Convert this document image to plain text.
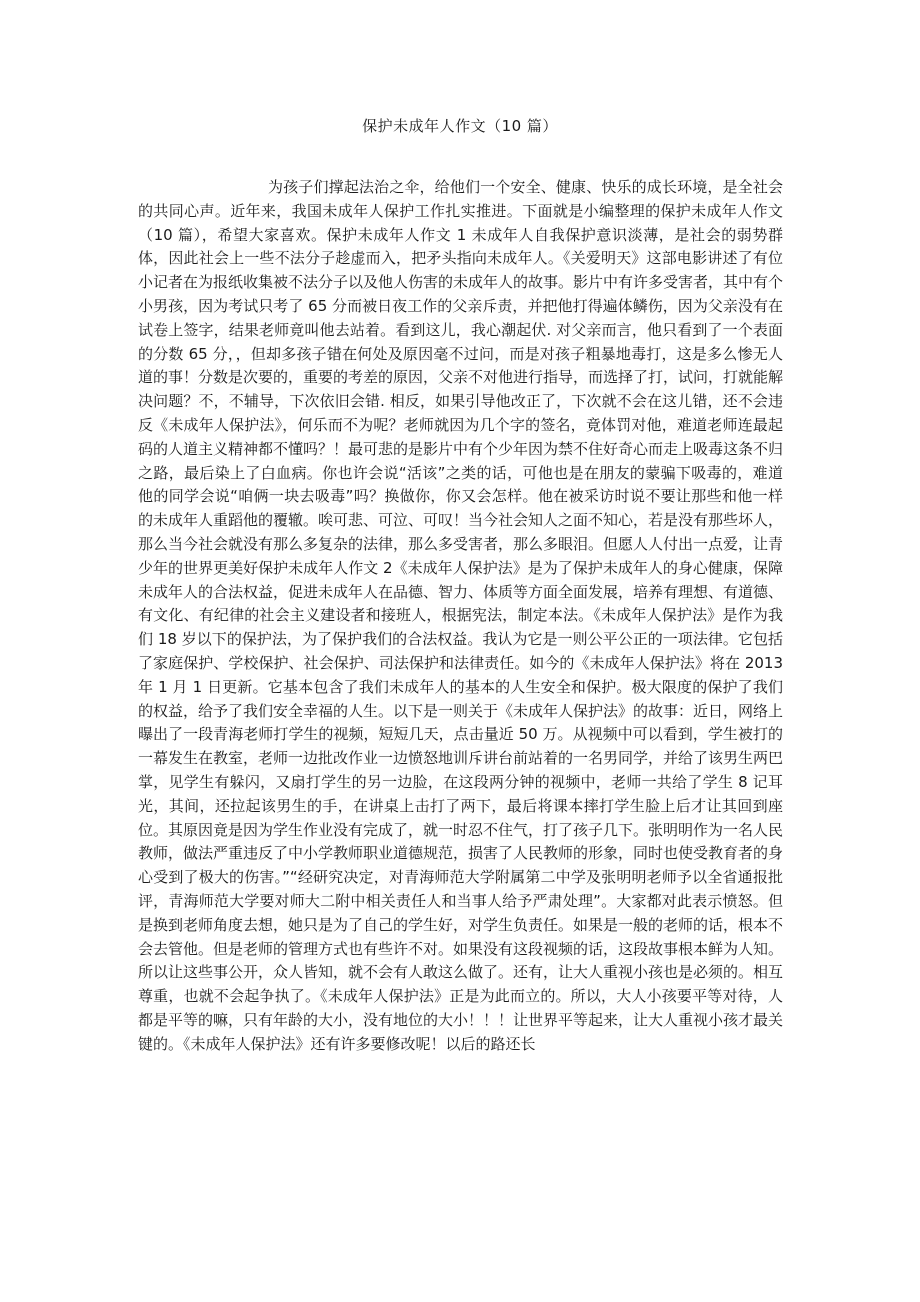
保护未成年人作文（10 篇）

为孩子们撑起法治之伞，给他们一个安全、健康、快乐的成长环境，是全社会的共同心声。近年来，我国未成年人保护工作扎实推进。下面就是小编整理的保护未成年人作文（10 篇），希望大家喜欢。保护未成年人作文 1 未成年人自我保护意识淡薄，是社会的弱势群体，因此社会上一些不法分子趁虚而入，把矛头指向未成年人。《关爱明天》这部电影讲述了有位小记者在为报纸收集被不法分子以及他人伤害的未成年人的故事。影片中有许多受害者，其中有个小男孩，因为考试只考了 65 分而被日夜工作的父亲斥责，并把他打得遍体鳞伤，因为父亲没有在试卷上签字，结果老师竟叫他去站着。看到这儿，我心潮起伏. 对父亲而言，他只看到了一个表面的分数 65 分，，但却多孩子错在何处及原因毫不过问，而是对孩子粗暴地毒打，这是多么惨无人道的事！分数是次要的，重要的考差的原因，父亲不对他进行指导，而选择了打，试问，打就能解决问题？不，不辅导，下次依旧会错. 相反，如果引导他改正了，下次就不会在这儿错，还不会违反《未成年人保护法》，何乐而不为呢？老师就因为几个字的签名，竟体罚对他，难道老师连最起码的人道主义精神都不懂吗？！最可悲的是影片中有个少年因为禁不住好奇心而走上吸毒这条不归之路，最后染上了白血病。你也许会说“活该”之类的话，可他也是在朋友的蒙骗下吸毒的，难道他的同学会说“咱俩一块去吸毒”吗？换做你，你又会怎样。他在被采访时说不要让那些和他一样的未成年人重蹈他的覆辙。唉可悲、可泣、可叹！当今社会知人之面不知心，若是没有那些坏人，那么当今社会就没有那么多复杂的法律，那么多受害者，那么多眼泪。但愿人人付出一点爱，让青少年的世界更美好保护未成年人作文 2《未成年人保护法》是为了保护未成年人的身心健康，保障未成年人的合法权益，促进未成年人在品德、智力、体质等方面全面发展，培养有理想、有道德、有文化、有纪律的社会主义建设者和接班人，根据宪法，制定本法。《未成年人保护法》是作为我们 18 岁以下的保护法，为了保护我们的合法权益。我认为它是一则公平公正的一项法律。它包括了家庭保护、学校保护、社会保护、司法保护和法律责任。如今的《未成年人保护法》将在 2013 年 1 月 1 日更新。它基本包含了我们未成年人的基本的人生安全和保护。极大限度的保护了我们的权益，给予了我们安全幸福的人生。以下是一则关于《未成年人保护法》的故事：近日，网络上曝出了一段青海老师打学生的视频，短短几天，点击量近 50 万。从视频中可以看到，学生被打的一幕发生在教室，老师一边批改作业一边愤怒地训斥讲台前站着的一名男同学，并给了该男生两巴掌，见学生有躲闪，又扇打学生的另一边脸，在这段两分钟的视频中，老师一共给了学生 8 记耳光，其间，还拉起该男生的手，在讲桌上击打了两下，最后将课本摔打学生脸上后才让其回到座位。其原因竟是因为学生作业没有完成了，就一时忍不住气，打了孩子几下。张明明作为一名人民教师，做法严重违反了中小学教师职业道德规范，损害了人民教师的形象，同时也使受教育者的身心受到了极大的伤害。”“经研究决定，对青海师范大学附属第二中学及张明明老师予以全省通报批评，青海师范大学要对师大二附中相关责任人和当事人给予严肃处理”。大家都对此表示愤怒。但是换到老师角度去想，她只是为了自己的学生好，对学生负责任。如果是一般的老师的话，根本不会去管他。但是老师的管理方式也有些许不对。如果没有这段视频的话，这段故事根本鲜为人知。所以让这些事公开，众人皆知，就不会有人敢这么做了。还有，让大人重视小孩也是必须的。相互尊重，也就不会起争执了。《未成年人保护法》正是为此而立的。所以，大人小孩要平等对待，人都是平等的嘛，只有年龄的大小，没有地位的大小！！！让世界平等起来，让大人重视小孩才最关键的。《未成年人保护法》还有许多要修改呢！以后的路还长
